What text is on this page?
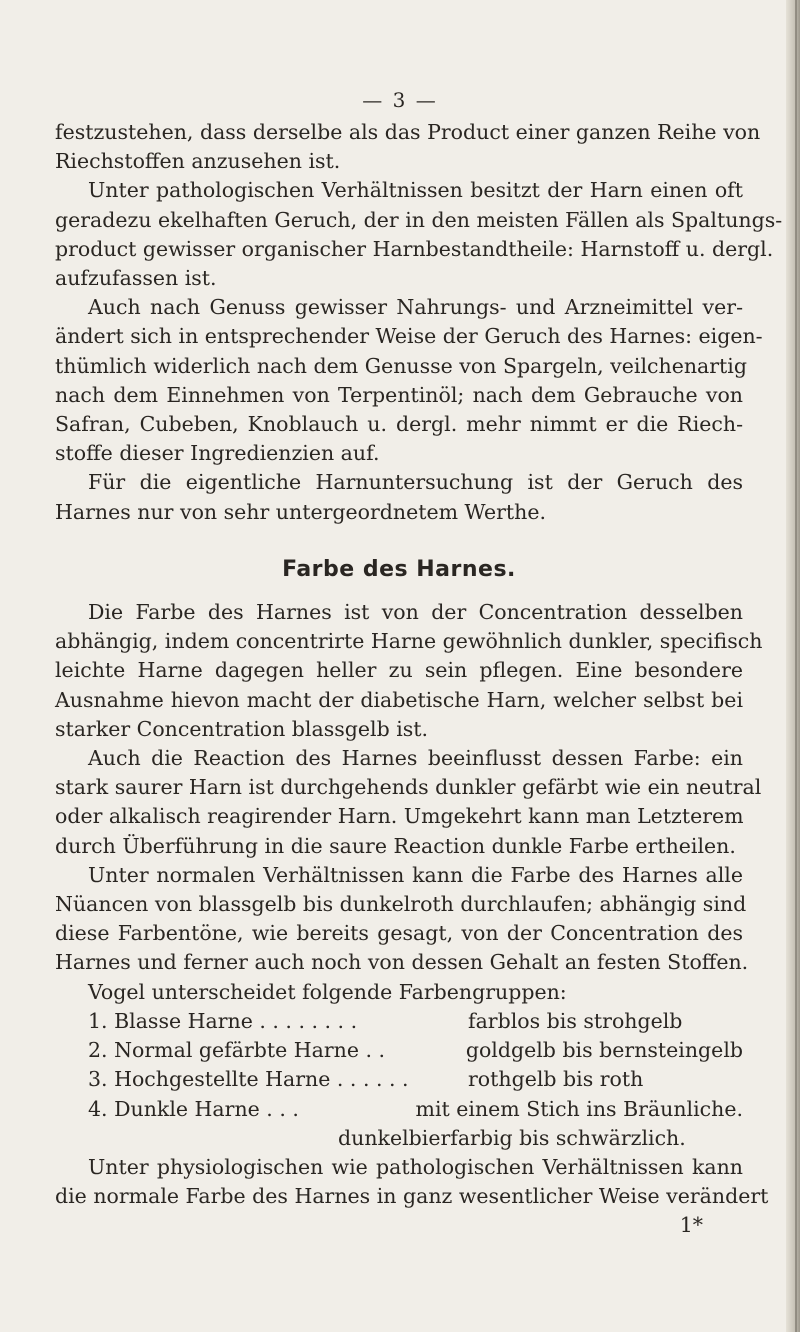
— 3 —

festzustehen, dass derselbe als das Product einer ganzen Reihe von
Riechstoffen anzusehen ist.

Unter pathologischen Verhältnissen besitzt der Harn einen oft
geradezu ekelhaften Geruch, der in den meisten Fällen als Spaltungs-
product gewisser organischer Harnbestandtheile: Harnstoff u. dergl.
aufzufassen ist.

Auch nach Genuss gewisser Nahrungs- und Arzneimittel ver-
ändert sich in entsprechender Weise der Geruch des Harnes: eigen-
thümlich widerlich nach dem Genusse von Spargeln, veilchenartig
nach dem Einnehmen von Terpentinöl; nach dem Gebrauche von
Safran, Cubeben, Knoblauch u. dergl. mehr nimmt er die Riech-
stoffe dieser Ingredienzien auf.

Für die eigentliche Harnuntersuchung ist der Geruch des
Harnes nur von sehr untergeordnetem Werthe.

Farbe des Harnes.

Die Farbe des Harnes ist von der Concentration desselben
abhängig, indem concentrirte Harne gewöhnlich dunkler, specifisch
leichte Harne dagegen heller zu sein pflegen. Eine besondere
Ausnahme hievon macht der diabetische Harn, welcher selbst bei
starker Concentration blassgelb ist.

Auch die Reaction des Harnes beeinflusst dessen Farbe: ein
stark saurer Harn ist durchgehends dunkler gefärbt wie ein neutral
oder alkalisch reagirender Harn. Umgekehrt kann man Letzterem
durch Überführung in die saure Reaction dunkle Farbe ertheilen.

Unter normalen Verhältnissen kann die Farbe des Harnes alle
Nüancen von blassgelb bis dunkelroth durchlaufen; abhängig sind
diese Farbentöne, wie bereits gesagt, von der Concentration des
Harnes und ferner auch noch von dessen Gehalt an festen Stoffen.

Vogel unterscheidet folgende Farbengruppen:

1. Blasse Harne . . . . . . . .	farblos bis strohgelb
2. Normal gefärbte Harne . .	goldgelb bis bernsteingelb
3. Hochgestellte Harne . . . . . .	rothgelb bis roth
4. Dunkle Harne . . .	mit einem Stich ins Bräunliche.
dunkelbierfarbig bis schwärzlich.

Unter physiologischen wie pathologischen Verhältnissen kann
die normale Farbe des Harnes in ganz wesentlicher Weise verändert

1*
